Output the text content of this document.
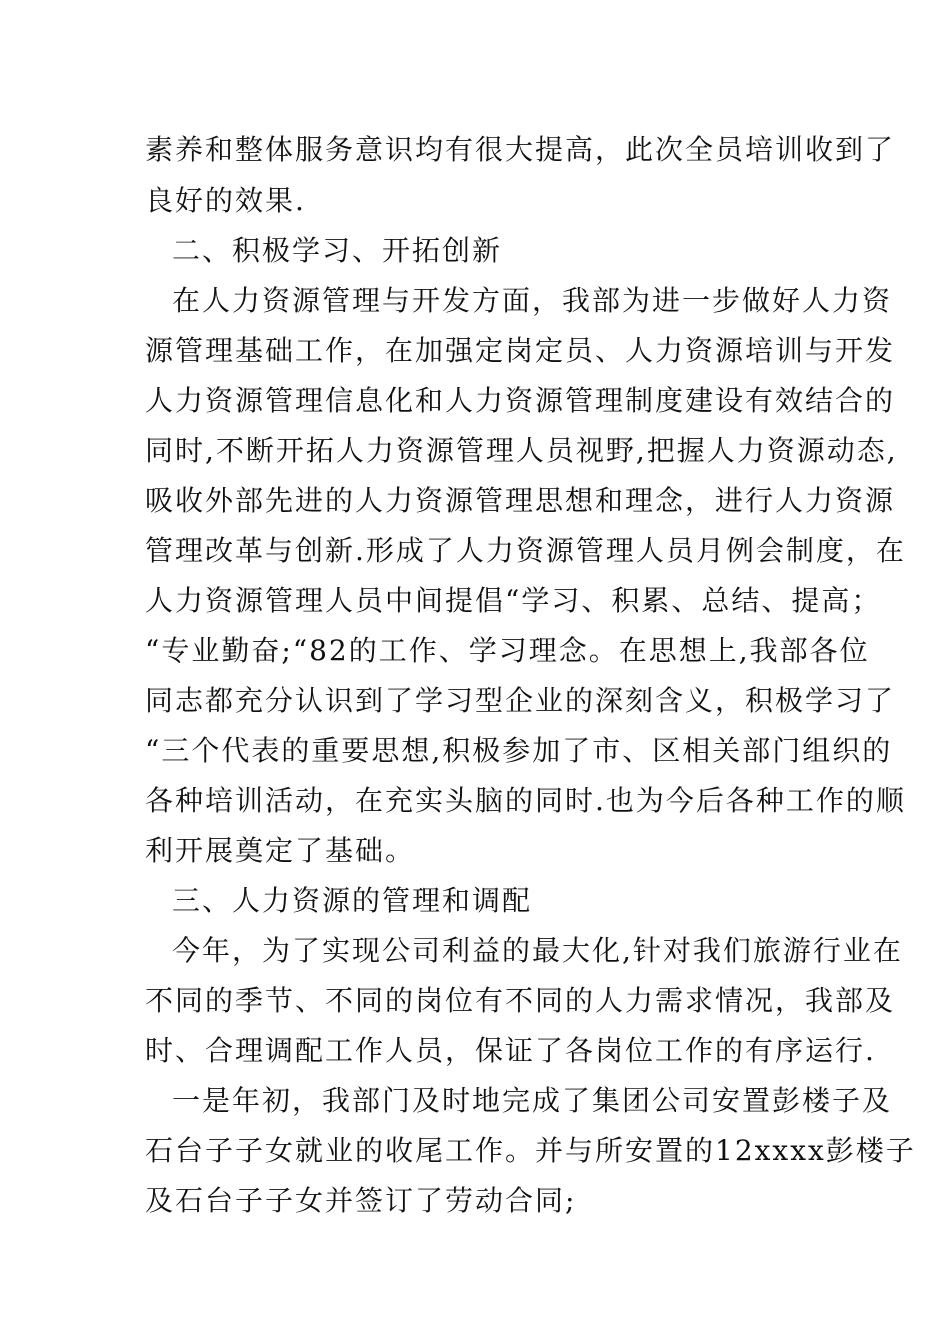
素养和整体服务意识均有很大提高，此次全员培训收到了
良好的效果.
二、积极学习、开拓创新
在人力资源管理与开发方面，我部为进一步做好人力资
源管理基础工作，在加强定岗定员、人力资源培训与开发
人力资源管理信息化和人力资源管理制度建设有效结合的
同时,不断开拓人力资源管理人员视野,把握人力资源动态,
吸收外部先进的人力资源管理思想和理念，进行人力资源
管理改革与创新.形成了人力资源管理人员月例会制度，在
人力资源管理人员中间提倡“学习、积累、总结、提高；
“专业勤奋;“82的工作、学习理念。在思想上,我部各位
同志都充分认识到了学习型企业的深刻含义，积极学习了
“三个代表的重要思想,积极参加了市、区相关部门组织的
各种培训活动，在充实头脑的同时.也为今后各种工作的顺
利开展奠定了基础。
三、人力资源的管理和调配
今年，为了实现公司利益的最大化,针对我们旅游行业在
不同的季节、不同的岗位有不同的人力需求情况，我部及
时、合理调配工作人员，保证了各岗位工作的有序运行.
一是年初，我部门及时地完成了集团公司安置彭楼子及
石台子子女就业的收尾工作。并与所安置的12xxxx彭楼子
及石台子子女并签订了劳动合同;
